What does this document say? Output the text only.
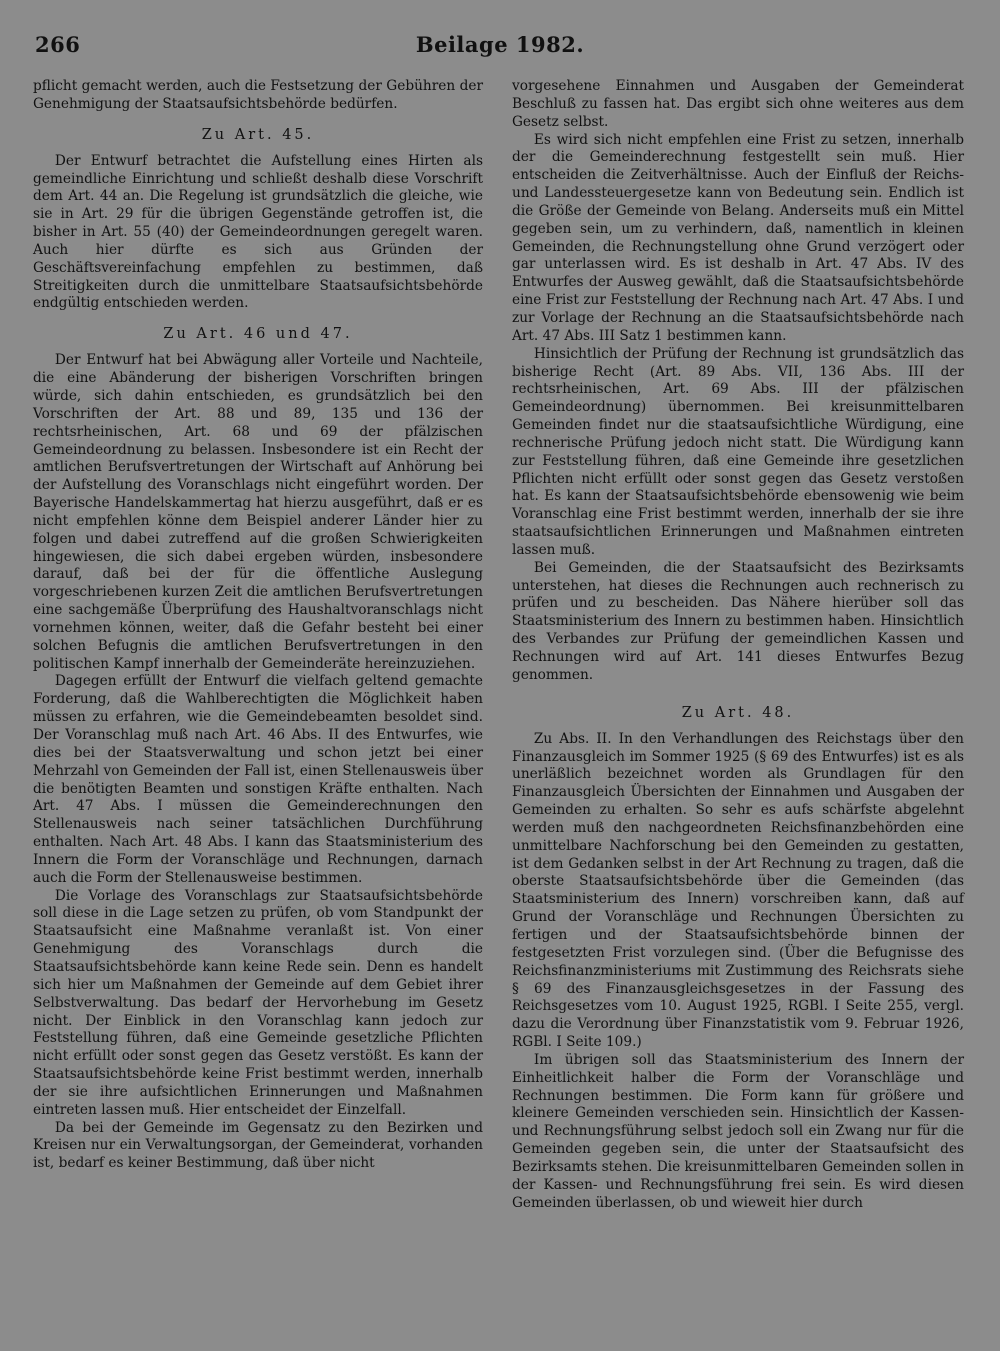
266	Beilage 1982.

pflicht gemacht werden, auch die Festsetzung der Gebühren der Genehmigung der Staatsaufsichtsbehörde bedürfen.

Zu Art. 45.

Der Entwurf betrachtet die Aufstellung eines Hirten als gemeindliche Einrichtung und schließt deshalb diese Vorschrift dem Art. 44 an. Die Regelung ist grundsätzlich die gleiche, wie sie in Art. 29 für die übrigen Gegenstände getroffen ist, die bisher in Art. 55 (40) der Gemeindeordnungen geregelt waren. Auch hier dürfte es sich aus Gründen der Geschäftsvereinfachung empfehlen zu bestimmen, daß Streitigkeiten durch die unmittelbare Staatsaufsichtsbehörde endgültig entschieden werden.

Zu Art. 46 und 47.

Der Entwurf hat bei Abwägung aller Vorteile und Nachteile, die eine Abänderung der bisherigen Vorschriften bringen würde, sich dahin entschieden, es grundsätzlich bei den Vorschriften der Art. 88 und 89, 135 und 136 der rechtsrheinischen, Art. 68 und 69 der pfälzischen Gemeindeordnung zu belassen. Insbesondere ist ein Recht der amtlichen Berufsvertretungen der Wirtschaft auf Anhörung bei der Aufstellung des Voranschlags nicht eingeführt worden. Der Bayerische Handelskammertag hat hierzu ausgeführt, daß er es nicht empfehlen könne dem Beispiel anderer Länder hier zu folgen und dabei zutreffend auf die großen Schwierigkeiten hingewiesen, die sich dabei ergeben würden, insbesondere darauf, daß bei der für die öffentliche Auslegung vorgeschriebenen kurzen Zeit die amtlichen Berufsvertretungen eine sachgemäße Überprüfung des Haushaltvoranschlags nicht vornehmen können, weiter, daß die Gefahr besteht bei einer solchen Befugnis die amtlichen Berufsvertretungen in den politischen Kampf innerhalb der Gemeinderäte hereinzuziehen.

Dagegen erfüllt der Entwurf die vielfach geltend gemachte Forderung, daß die Wahlberechtigten die Möglichkeit haben müssen zu erfahren, wie die Gemeindebeamten besoldet sind. Der Voranschlag muß nach Art. 46 Abs. II des Entwurfes, wie dies bei der Staatsverwaltung und schon jetzt bei einer Mehrzahl von Gemeinden der Fall ist, einen Stellenausweis über die benötigten Beamten und sonstigen Kräfte enthalten. Nach Art. 47 Abs. I müssen die Gemeinderechnungen den Stellenausweis nach seiner tatsächlichen Durchführung enthalten. Nach Art. 48 Abs. I kann das Staatsministerium des Innern die Form der Voranschläge und Rechnungen, darnach auch die Form der Stellenausweise bestimmen.

Die Vorlage des Voranschlags zur Staatsaufsichtsbehörde soll diese in die Lage setzen zu prüfen, ob vom Standpunkt der Staatsaufsicht eine Maßnahme veranlaßt ist. Von einer Genehmigung des Voranschlags durch die Staatsaufsichtsbehörde kann keine Rede sein. Denn es handelt sich hier um Maßnahmen der Gemeinde auf dem Gebiet ihrer Selbstverwaltung. Das bedarf der Hervorhebung im Gesetz nicht. Der Einblick in den Voranschlag kann jedoch zur Feststellung führen, daß eine Gemeinde gesetzliche Pflichten nicht erfüllt oder sonst gegen das Gesetz verstößt. Es kann der Staatsaufsichtsbehörde keine Frist bestimmt werden, innerhalb der sie ihre aufsichtlichen Erinnerungen und Maßnahmen eintreten lassen muß. Hier entscheidet der Einzelfall.

Da bei der Gemeinde im Gegensatz zu den Bezirken und Kreisen nur ein Verwaltungsorgan, der Gemeinderat, vorhanden ist, bedarf es keiner Bestimmung, daß über nicht

vorgesehene Einnahmen und Ausgaben der Gemeinderat Beschluß zu fassen hat. Das ergibt sich ohne weiteres aus dem Gesetz selbst.

Es wird sich nicht empfehlen eine Frist zu setzen, innerhalb der die Gemeinderechnung festgestellt sein muß. Hier entscheiden die Zeitverhältnisse. Auch der Einfluß der Reichs- und Landessteuergesetze kann von Bedeutung sein. Endlich ist die Größe der Gemeinde von Belang. Anderseits muß ein Mittel gegeben sein, um zu verhindern, daß, namentlich in kleinen Gemeinden, die Rechnungstellung ohne Grund verzögert oder gar unterlassen wird. Es ist deshalb in Art. 47 Abs. IV des Entwurfes der Ausweg gewählt, daß die Staatsaufsichtsbehörde eine Frist zur Feststellung der Rechnung nach Art. 47 Abs. I und zur Vorlage der Rechnung an die Staatsaufsichtsbehörde nach Art. 47 Abs. III Satz 1 bestimmen kann.

Hinsichtlich der Prüfung der Rechnung ist grundsätzlich das bisherige Recht (Art. 89 Abs. VII, 136 Abs. III der rechtsrheinischen, Art. 69 Abs. III der pfälzischen Gemeindeordnung) übernommen. Bei kreisunmittelbaren Gemeinden findet nur die staatsaufsichtliche Würdigung, eine rechnerische Prüfung jedoch nicht statt. Die Würdigung kann zur Feststellung führen, daß eine Gemeinde ihre gesetzlichen Pflichten nicht erfüllt oder sonst gegen das Gesetz verstoßen hat. Es kann der Staatsaufsichtsbehörde ebensowenig wie beim Voranschlag eine Frist bestimmt werden, innerhalb der sie ihre staatsaufsichtlichen Erinnerungen und Maßnahmen eintreten lassen muß.

Bei Gemeinden, die der Staatsaufsicht des Bezirksamts unterstehen, hat dieses die Rechnungen auch rechnerisch zu prüfen und zu bescheiden. Das Nähere hierüber soll das Staatsministerium des Innern zu bestimmen haben. Hinsichtlich des Verbandes zur Prüfung der gemeindlichen Kassen und Rechnungen wird auf Art. 141 dieses Entwurfes Bezug genommen.

Zu Art. 48.

Zu Abs. II. In den Verhandlungen des Reichstags über den Finanzausgleich im Sommer 1925 (§ 69 des Entwurfes) ist es als unerläßlich bezeichnet worden als Grundlagen für den Finanzausgleich Übersichten der Einnahmen und Ausgaben der Gemeinden zu erhalten. So sehr es aufs schärfste abgelehnt werden muß den nachgeordneten Reichsfinanzbehörden eine unmittelbare Nachforschung bei den Gemeinden zu gestatten, ist dem Gedanken selbst in der Art Rechnung zu tragen, daß die oberste Staatsaufsichtsbehörde über die Gemeinden (das Staatsministerium des Innern) vorschreiben kann, daß auf Grund der Voranschläge und Rechnungen Übersichten zu fertigen und der Staatsaufsichtsbehörde binnen der festgesetzten Frist vorzulegen sind. (Über die Befugnisse des Reichsfinanzministeriums mit Zustimmung des Reichsrats siehe § 69 des Finanzausgleichsgesetzes in der Fassung des Reichsgesetzes vom 10. August 1925, RGBl. I Seite 255, vergl. dazu die Verordnung über Finanzstatistik vom 9. Februar 1926, RGBl. I Seite 109.)

Im übrigen soll das Staatsministerium des Innern der Einheitlichkeit halber die Form der Voranschläge und Rechnungen bestimmen. Die Form kann für größere und kleinere Gemeinden verschieden sein. Hinsichtlich der Kassen- und Rechnungsführung selbst jedoch soll ein Zwang nur für die Gemeinden gegeben sein, die unter der Staatsaufsicht des Bezirksamts stehen. Die kreisunmittelbaren Gemeinden sollen in der Kassen- und Rechnungsführung frei sein. Es wird diesen Gemeinden überlassen, ob und wieweit hier durch
